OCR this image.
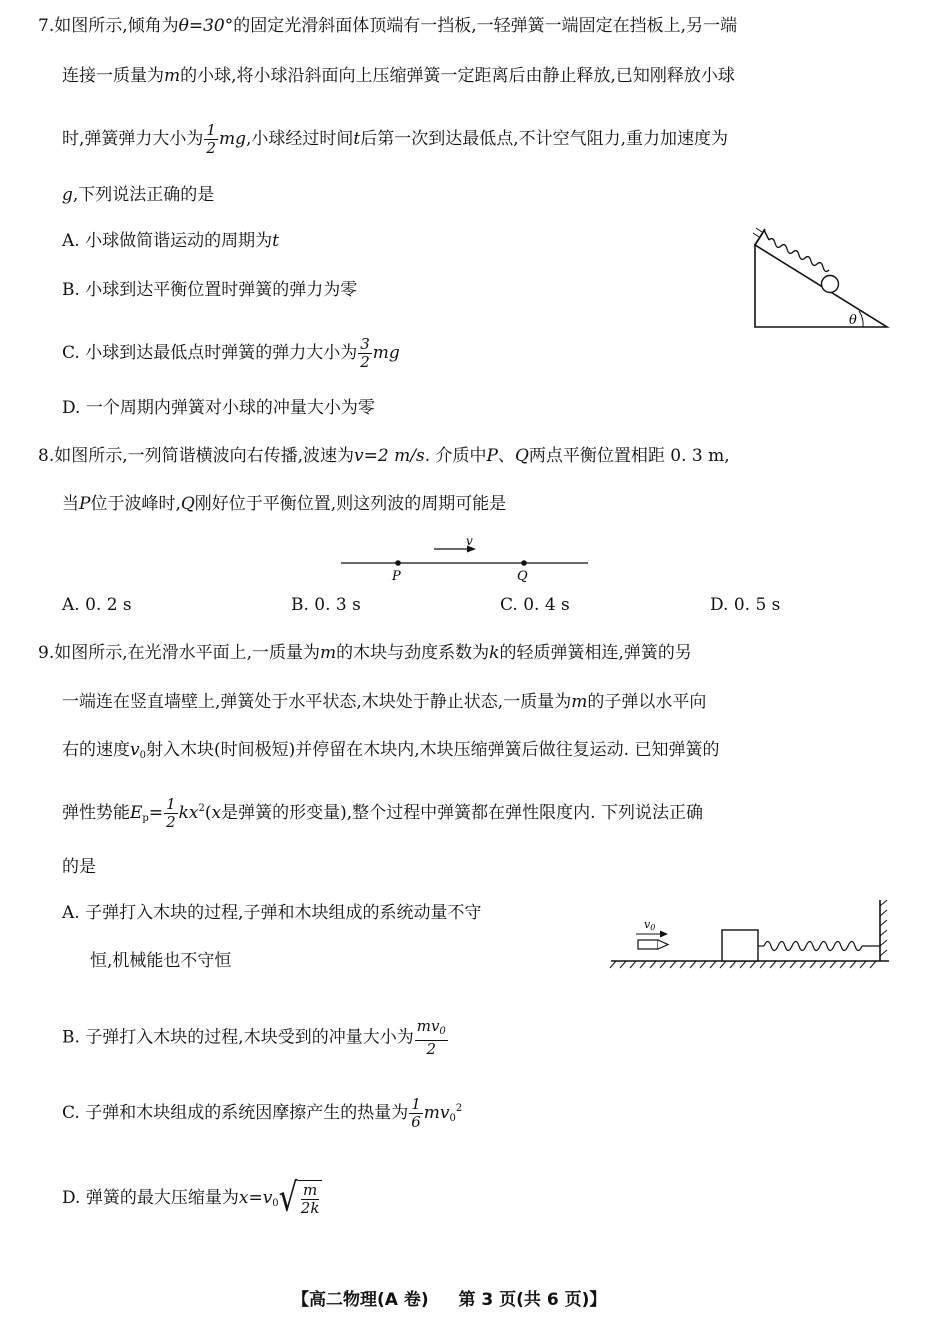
7.如图所示,倾角为θ=30°的固定光滑斜面体顶端有一挡板,一轻弹簧一端固定在挡板上,另一端
连接一质量为m的小球,将小球沿斜面向上压缩弹簧一定距离后由静止释放,已知刚释放小球
时,弹簧弹力大小为 $\frac{1}{2}$ mg,小球经过时间t后第一次到达最低点,不计空气阻力,重力加速度为
g,下列说法正确的是
A. 小球做简谐运动的周期为t
B. 小球到达平衡位置时弹簧的弹力为零
C. 小球到达最低点时弹簧的弹力大小为 $\frac{3}{2}$ mg
D. 一个周期内弹簧对小球的冲量大小为零
θ
8.如图所示,一列简谐横波向右传播,波速为v=2 m/s. 介质中P、Q两点平衡位置相距 0. 3 m,
当P位于波峰时,Q刚好位于平衡位置,则这列波的周期可能是
v
P	Q
A. 0. 2 s	B. 0. 3 s	C. 0. 4 s	D. 0. 5 s
9.如图所示,在光滑水平面上,一质量为m的木块与劲度系数为k的轻质弹簧相连,弹簧的另
一端连在竖直墙壁上,弹簧处于水平状态,木块处于静止状态,一质量为m的子弹以水平向
右的速度$v_0$射入木块(时间极短)并停留在木块内,木块压缩弹簧后做往复运动. 已知弹簧的
弹性势能$E_p= \frac{1}{2} kx^2(x$是弹簧的形变量),整个过程中弹簧都在弹性限度内. 下列说法正确
的是
A. 子弹打入木块的过程,子弹和木块组成的系统动量不守
恒,机械能也不守恒
B. 子弹打入木块的过程,木块受到的冲量大小为 $\frac{mv_0}{2}$
C. 子弹和木块组成的系统因摩擦产生的热量为 $\frac{1}{6} mv_0^2$
D. 弹簧的最大压缩量为$x=v_0$ √ $\frac{m}{2k}$
v0
【高二物理(A 卷) 第 3 页(共 6 页)】
